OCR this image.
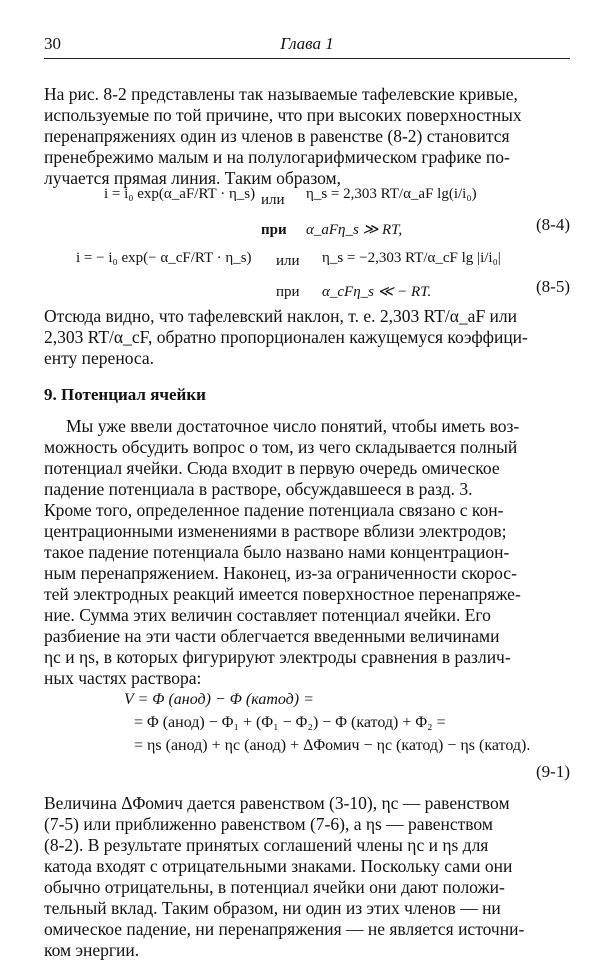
30	Глава 1
На рис. 8-2 представлены так называемые тафелевские кривые,
используемые по той причине, что при высоких поверхностных
перенапряжениях один из членов в равенстве (8-2) становится
пренебрежимо малым и на полулогарифмическом графике по-
лучается прямая линия. Таким образом,
i = i₀ exp(α_aF/RT · η_s) или η_s = 2,303 RT/α_aF lg(i/i₀)
при α_aFη_s ≫ RT,	(8-4)
i = − i₀ exp(− α_cF/RT · η_s) или η_s = −2,303 RT/α_cF lg |i/i₀|
при α_cFη_s ≪ − RT.	(8-5)
Отсюда видно, что тафелевский наклон, т. е. 2,303 RT/α_aF или
2,303 RT/α_cF, обратно пропорционален кажущемуся коэффици-
енту переноса.
9. Потенциал ячейки
Мы уже ввели достаточное число понятий, чтобы иметь воз-
можность обсудить вопрос о том, из чего складывается полный
потенциал ячейки. Сюда входит в первую очередь омическое
падение потенциала в растворе, обсуждавшееся в разд. 3.
Кроме того, определенное падение потенциала связано с кон-
центрационными изменениями в растворе вблизи электродов;
такое падение потенциала было названо нами концентрацион-
ным перенапряжением. Наконец, из-за ограниченности скорос-
тей электродных реакций имеется поверхностное перенапряже-
ние. Сумма этих величин составляет потенциал ячейки. Его
разбиение на эти части облегчается введенными величинами
ηc и ηs, в которых фигурируют электроды сравнения в различ-
ных частях раствора:
V = Φ (анод) − Φ (катод) =
= Φ (анод) − Φ₁ + (Φ₁ − Φ₂) − Φ (катод) + Φ₂ =
= ηs (анод) + ηc (анод) + ΔΦомич − ηc (катод) − ηs (катод).
(9-1)
Величина ΔΦомич дается равенством (3-10), ηc — равенством
(7-5) или приближенно равенством (7-6), а ηs — равенством
(8-2). В результате принятых соглашений члены ηc и ηs для
катода входят с отрицательными знаками. Поскольку сами они
обычно отрицательны, в потенциал ячейки они дают положи-
тельный вклад. Таким образом, ни один из этих членов — ни
омическое падение, ни перенапряжения — не является источни-
ком энергии.
